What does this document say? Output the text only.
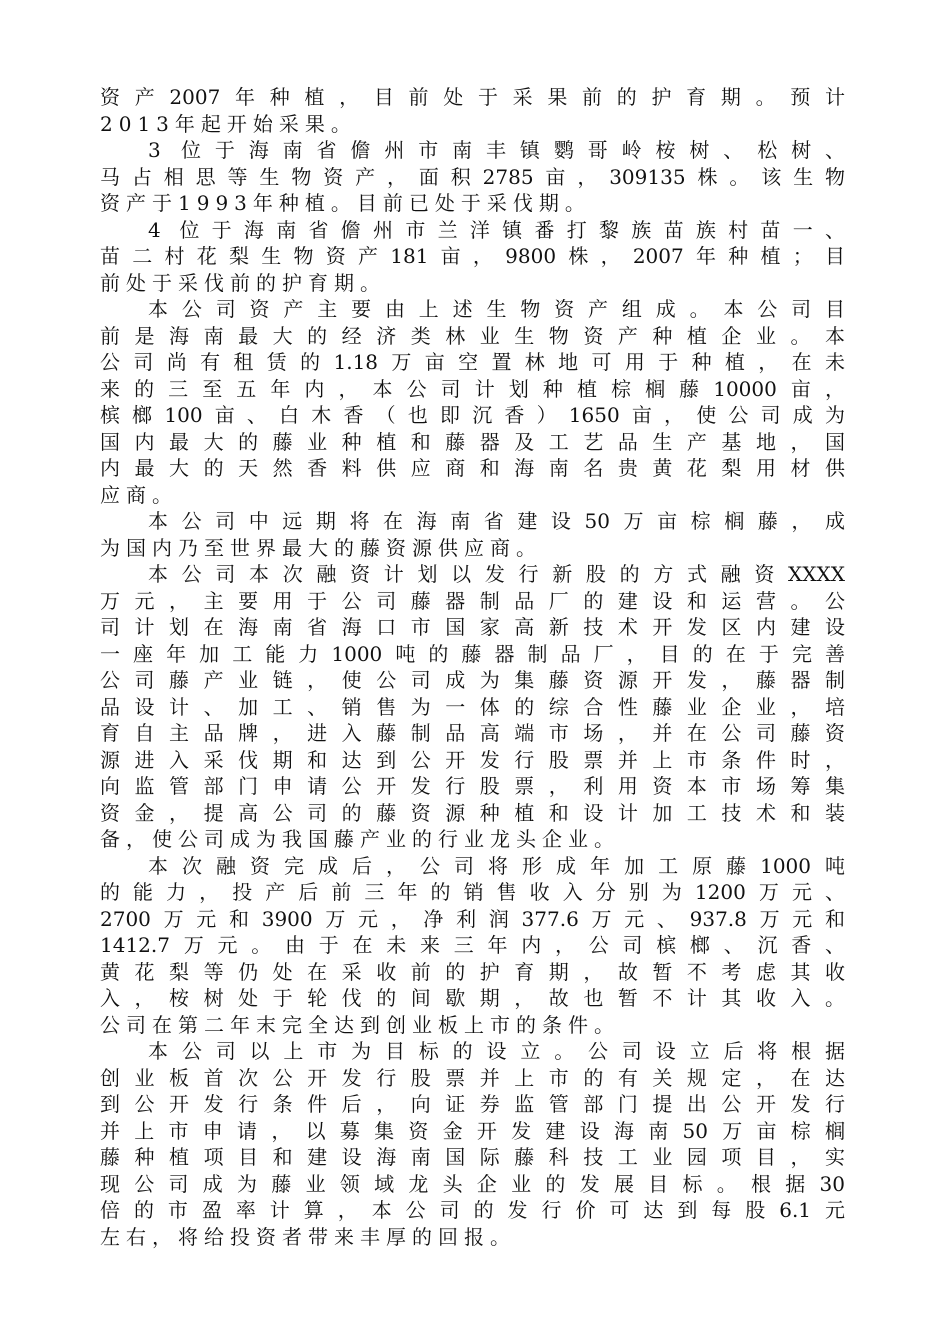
资产2007年种植，目前处于采果前的护育期。预计
2013年起开始采果。
3 位于海南省儋州市南丰镇鹦哥岭桉树、松树、
马占相思等生物资产，面积2785亩，309135株。该生物
资产于1993年种植。目前已处于采伐期。
4 位于海南省儋州市兰洋镇番打黎族苗族村苗一、
苗二村花梨生物资产181亩，9800株，2007年种植；目
前处于采伐前的护育期。
本公司资产主要由上述生物资产组成。本公司目
前是海南最大的经济类林业生物资产种植企业。本
公司尚有租赁的1.18万亩空置林地可用于种植，在未
来的三至五年内，本公司计划种植棕榈藤10000亩，
槟榔100亩、白木香（也即沉香）1650亩，使公司成为
国内最大的藤业种植和藤器及工艺品生产基地，国
内最大的天然香料供应商和海南名贵黄花梨用材供
应商。
本公司中远期将在海南省建设50万亩棕榈藤，成
为国内乃至世界最大的藤资源供应商。
本公司本次融资计划以发行新股的方式融资XXXX
万元，主要用于公司藤器制品厂的建设和运营。公
司计划在海南省海口市国家高新技术开发区内建设
一座年加工能力1000吨的藤器制品厂，目的在于完善
公司藤产业链，使公司成为集藤资源开发，藤器制
品设计、加工、销售为一体的综合性藤业企业，培
育自主品牌，进入藤制品高端市场，并在公司藤资
源进入采伐期和达到公开发行股票并上市条件时，
向监管部门申请公开发行股票，利用资本市场筹集
资金，提高公司的藤资源种植和设计加工技术和装
备，使公司成为我国藤产业的行业龙头企业。
本次融资完成后，公司将形成年加工原藤1000吨
的能力，投产后前三年的销售收入分别为1200万元、
2700万元和3900万元，净利润377.6万元、937.8万元和
1412.7万元。由于在未来三年内，公司槟榔、沉香、
黄花梨等仍处在采收前的护育期，故暂不考虑其收
入，桉树处于轮伐的间歇期，故也暂不计其收入。
公司在第二年末完全达到创业板上市的条件。
本公司以上市为目标的设立。公司设立后将根据
创业板首次公开发行股票并上市的有关规定，在达
到公开发行条件后，向证券监管部门提出公开发行
并上市申请，以募集资金开发建设海南50万亩棕榈
藤种植项目和建设海南国际藤科技工业园项目，实
现公司成为藤业领域龙头企业的发展目标。根据30
倍的市盈率计算，本公司的发行价可达到每股6.1元
左右，将给投资者带来丰厚的回报。
